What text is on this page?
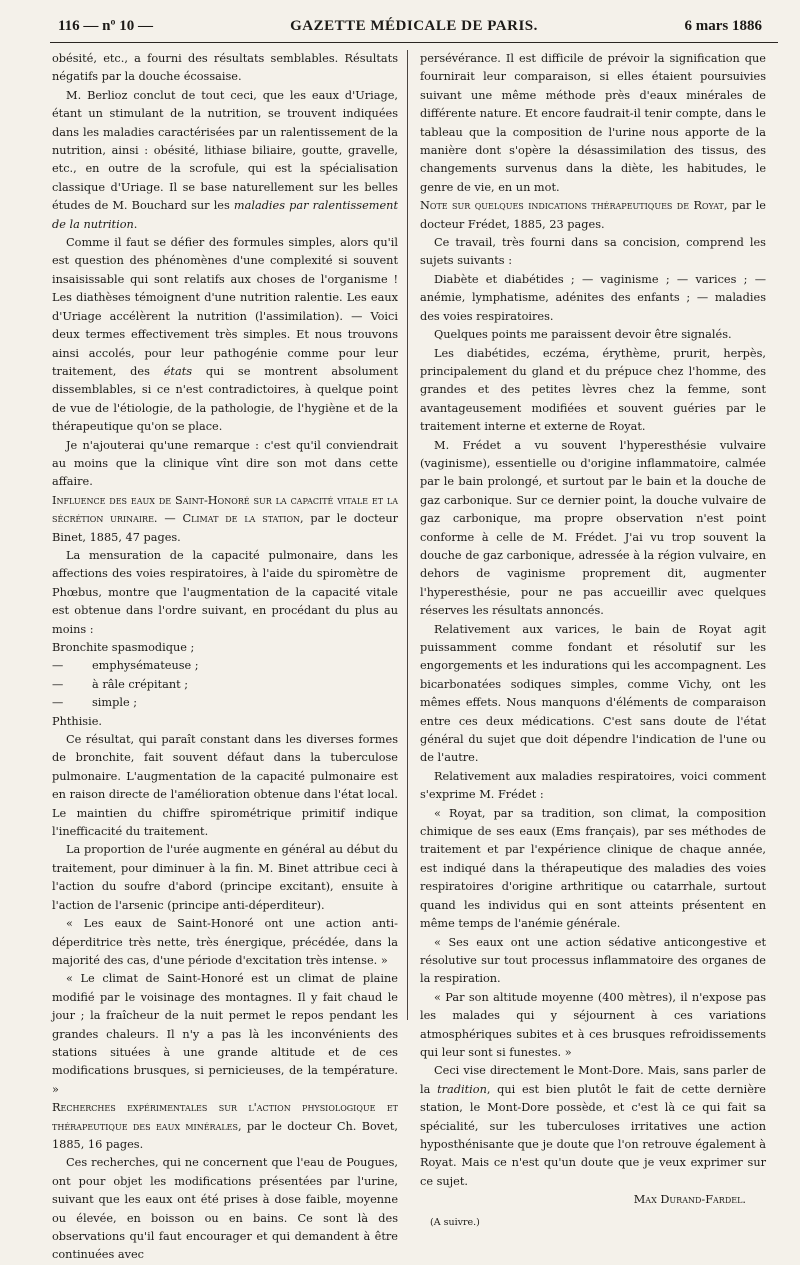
116 — nº 10 —	GAZETTE MÉDICALE DE PARIS.	6 mars 1886

obésité, etc., a fourni des résultats semblables. Résultats négatifs par la douche écossaise.

M. Berlioz conclut de tout ceci, que les eaux d'Uriage, étant un stimulant de la nutrition, se trouvent indiquées dans les maladies caractérisées par un ralentissement de la nutrition, ainsi : obésité, lithiase biliaire, goutte, gravelle, etc., en outre de la scrofule, qui est la spécialisation classique d'Uriage. Il se base naturellement sur les belles études de M. Bouchard sur les maladies par ralentissement de la nutrition.

Comme il faut se défier des formules simples, alors qu'il est question des phénomènes d'une complexité si souvent insaisissable qui sont relatifs aux choses de l'organisme ! Les diathèses témoignent d'une nutrition ralentie. Les eaux d'Uriage accélèrent la nutrition (l'assimilation). — Voici deux termes effectivement très simples. Et nous trouvons ainsi accolés, pour leur pathogénie comme pour leur traitement, des états qui se montrent absolument dissemblables, si ce n'est contradictoires, à quelque point de vue de l'étiologie, de la pathologie, de l'hygiène et de la thérapeutique qu'on se place.

Je n'ajouterai qu'une remarque : c'est qu'il conviendrait au moins que la clinique vînt dire son mot dans cette affaire.

Influence des eaux de Saint-Honoré sur la capacité vitale et la sécrétion urinaire. — Climat de la station, par le docteur Binet, 1885, 47 pages.

La mensuration de la capacité pulmonaire, dans les affections des voies respiratoires, à l'aide du spiromètre de Phœbus, montre que l'augmentation de la capacité vitale est obtenue dans l'ordre suivant, en procédant du plus au moins :

Bronchite spasmodique ;

—	emphysémateuse ;

—	à râle crépitant ;

—	simple ;

Phthisie.

Ce résultat, qui paraît constant dans les diverses formes de bronchite, fait souvent défaut dans la tuberculose pulmonaire. L'augmentation de la capacité pulmonaire est en raison directe de l'amélioration obtenue dans l'état local. Le maintien du chiffre spirométrique primitif indique l'inefficacité du traitement.

La proportion de l'urée augmente en général au début du traitement, pour diminuer à la fin. M. Binet attribue ceci à l'action du soufre d'abord (principe excitant), ensuite à l'action de l'arsenic (principe anti-déperditeur).

« Les eaux de Saint-Honoré ont une action anti-déperditrice très nette, très énergique, précédée, dans la majorité des cas, d'une période d'excitation très intense. »

« Le climat de Saint-Honoré est un climat de plaine modifié par le voisinage des montagnes. Il y fait chaud le jour ; la fraîcheur de la nuit permet le repos pendant les grandes chaleurs. Il n'y a pas là les inconvénients des stations situées à une grande altitude et de ces modifications brusques, si pernicieuses, de la température. »

Recherches expérimentales sur l'action physiologique et thérapeutique des eaux minérales, par le docteur Ch. Bovet, 1885, 16 pages.

Ces recherches, qui ne concernent que l'eau de Pougues, ont pour objet les modifications présentées par l'urine, suivant que les eaux ont été prises à dose faible, moyenne ou élevée, en boisson ou en bains. Ce sont là des observations qu'il faut encourager et qui demandent à être continuées avec

persévérance. Il est difficile de prévoir la signification que fournirait leur comparaison, si elles étaient poursuivies suivant une même méthode près d'eaux minérales de différente nature. Et encore faudrait-il tenir compte, dans le tableau que la composition de l'urine nous apporte de la manière dont s'opère la désassimilation des tissus, des changements survenus dans la diète, les habitudes, le genre de vie, en un mot.

Note sur quelques indications thérapeutiques de Royat, par le docteur Frédet, 1885, 23 pages.

Ce travail, très fourni dans sa concision, comprend les sujets suivants :

Diabète et diabétides ; — vaginisme ; — varices ; — anémie, lymphatisme, adénites des enfants ; — maladies des voies respiratoires.

Quelques points me paraissent devoir être signalés.

Les diabétides, eczéma, érythème, prurit, herpès, principalement du gland et du prépuce chez l'homme, des grandes et des petites lèvres chez la femme, sont avantageusement modifiées et souvent guéries par le traitement interne et externe de Royat.

M. Frédet a vu souvent l'hyperesthésie vulvaire (vaginisme), essentielle ou d'origine inflammatoire, calmée par le bain prolongé, et surtout par le bain et la douche de gaz carbonique. Sur ce dernier point, la douche vulvaire de gaz carbonique, ma propre observation n'est point conforme à celle de M. Frédet. J'ai vu trop souvent la douche de gaz carbonique, adressée à la région vulvaire, en dehors de vaginisme proprement dit, augmenter l'hyperesthésie, pour ne pas accueillir avec quelques réserves les résultats annoncés.

Relativement aux varices, le bain de Royat agit puissamment comme fondant et résolutif sur les engorgements et les indurations qui les accompagnent. Les bicarbonatées sodiques simples, comme Vichy, ont les mêmes effets. Nous manquons d'éléments de comparaison entre ces deux médications. C'est sans doute de l'état général du sujet que doit dépendre l'indication de l'une ou de l'autre.

Relativement aux maladies respiratoires, voici comment s'exprime M. Frédet :

« Royat, par sa tradition, son climat, la composition chimique de ses eaux (Ems français), par ses méthodes de traitement et par l'expérience clinique de chaque année, est indiqué dans la thérapeutique des maladies des voies respiratoires d'origine arthritique ou catarrhale, surtout quand les individus qui en sont atteints présentent en même temps de l'anémie générale.

« Ses eaux ont une action sédative anticongestive et résolutive sur tout processus inflammatoire des organes de la respiration.

« Par son altitude moyenne (400 mètres), il n'expose pas les malades qui y séjournent à ces variations atmosphériques subites et à ces brusques refroidissements qui leur sont si funestes. »

Ceci vise directement le Mont-Dore. Mais, sans parler de la tradition, qui est bien plutôt le fait de cette dernière station, le Mont-Dore possède, et c'est là ce qui fait sa spécialité, sur les tuberculoses irritatives une action hyposthénisante que je doute que l'on retrouve également à Royat. Mais ce n'est qu'un doute que je veux exprimer sur ce sujet.

Max Durand-Fardel.

(A suivre.)
